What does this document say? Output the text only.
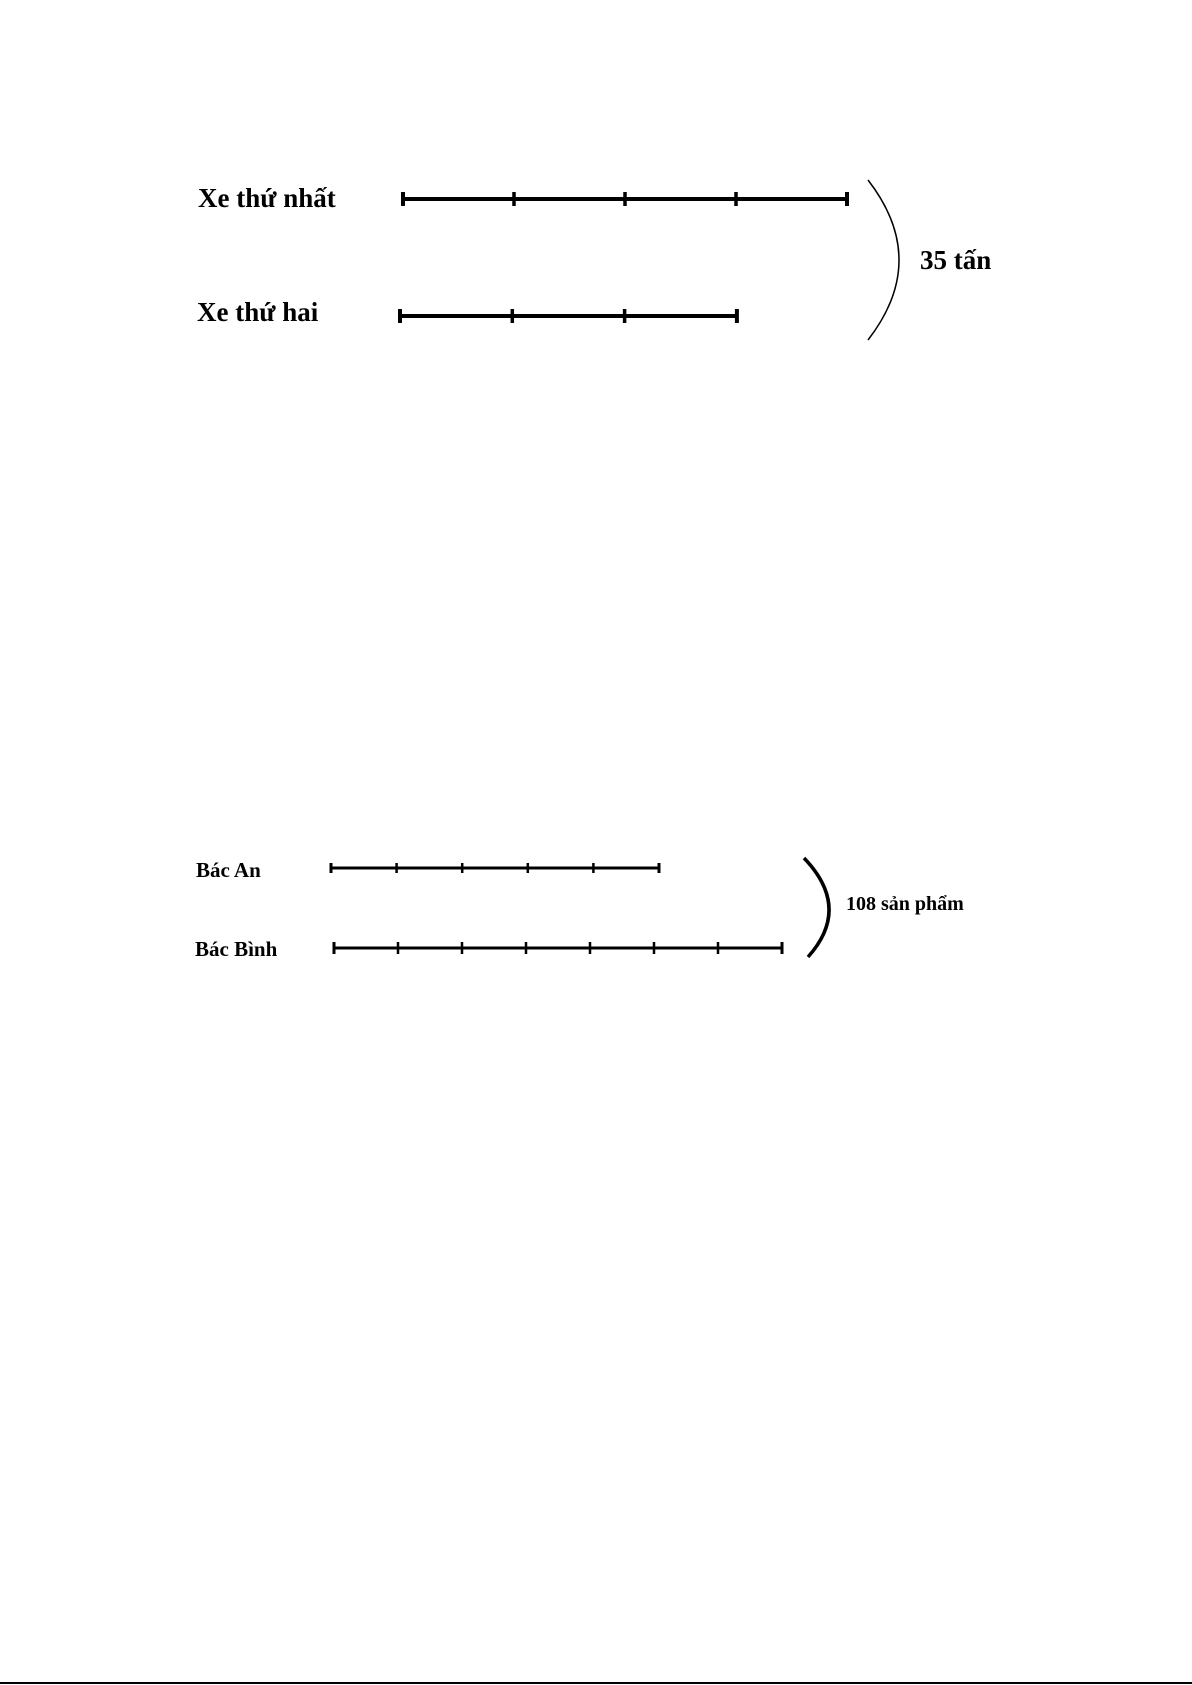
Xe thứ nhất
Xe thứ hai
35 tấn
Bác An
Bác Bình
108 sản phẩm
